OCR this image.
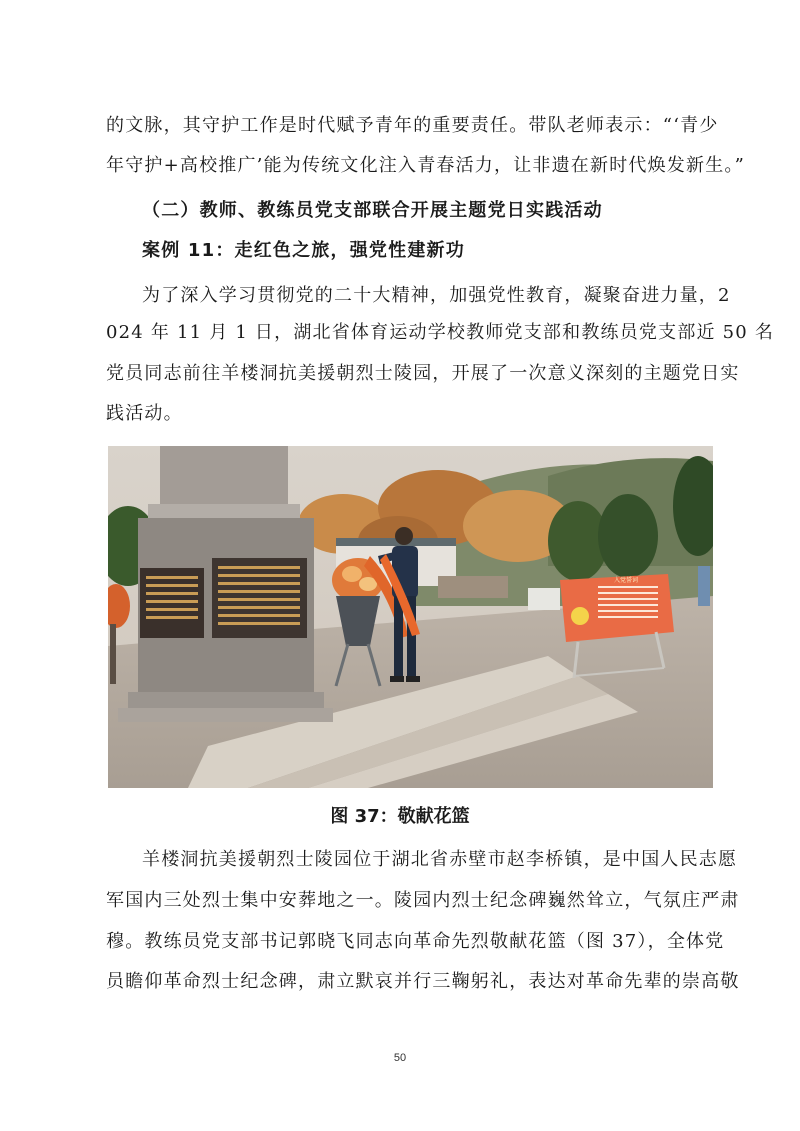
的文脉，其守护工作是时代赋予青年的重要责任。带队老师表示：“‘青少
年守护+高校推广’能为传统文化注入青春活力，让非遗在新时代焕发新生。”
（二）教师、教练员党支部联合开展主题党日实践活动
案例 11：走红色之旅，强党性建新功
为了深入学习贯彻党的二十大精神，加强党性教育，凝聚奋进力量，2
024 年 11 月 1 日，湖北省体育运动学校教师党支部和教练员党支部近 50 名
党员同志前往羊楼洞抗美援朝烈士陵园，开展了一次意义深刻的主题党日实
践活动。
入党誓词
图 37：敬献花篮
羊楼洞抗美援朝烈士陵园位于湖北省赤壁市赵李桥镇，是中国人民志愿
军国内三处烈士集中安葬地之一。陵园内烈士纪念碑巍然耸立，气氛庄严肃
穆。教练员党支部书记郭晓飞同志向革命先烈敬献花篮（图 37），全体党
员瞻仰革命烈士纪念碑，肃立默哀并行三鞠躬礼，表达对革命先辈的崇高敬
50
